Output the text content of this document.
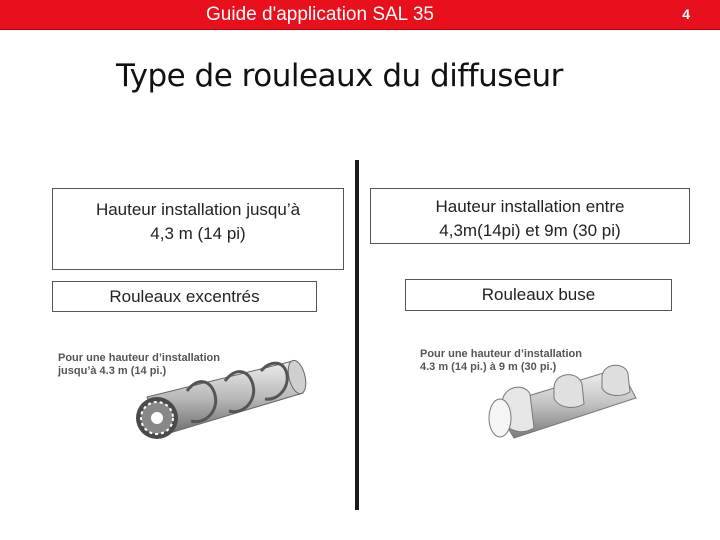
Guide d'application SAL 35	4
Type de rouleaux du diffuseur
Hauteur installation jusqu’à
4,3 m (14 pi)
Rouleaux excentrés
Pour une hauteur d’installation
jusqu’à 4.3 m (14 pi.)
Hauteur installation entre
4,3m(14pi) et 9m (30 pi)
Rouleaux buse
Pour une hauteur d’installation
4.3 m (14 pi.) à 9 m (30 pi.)
